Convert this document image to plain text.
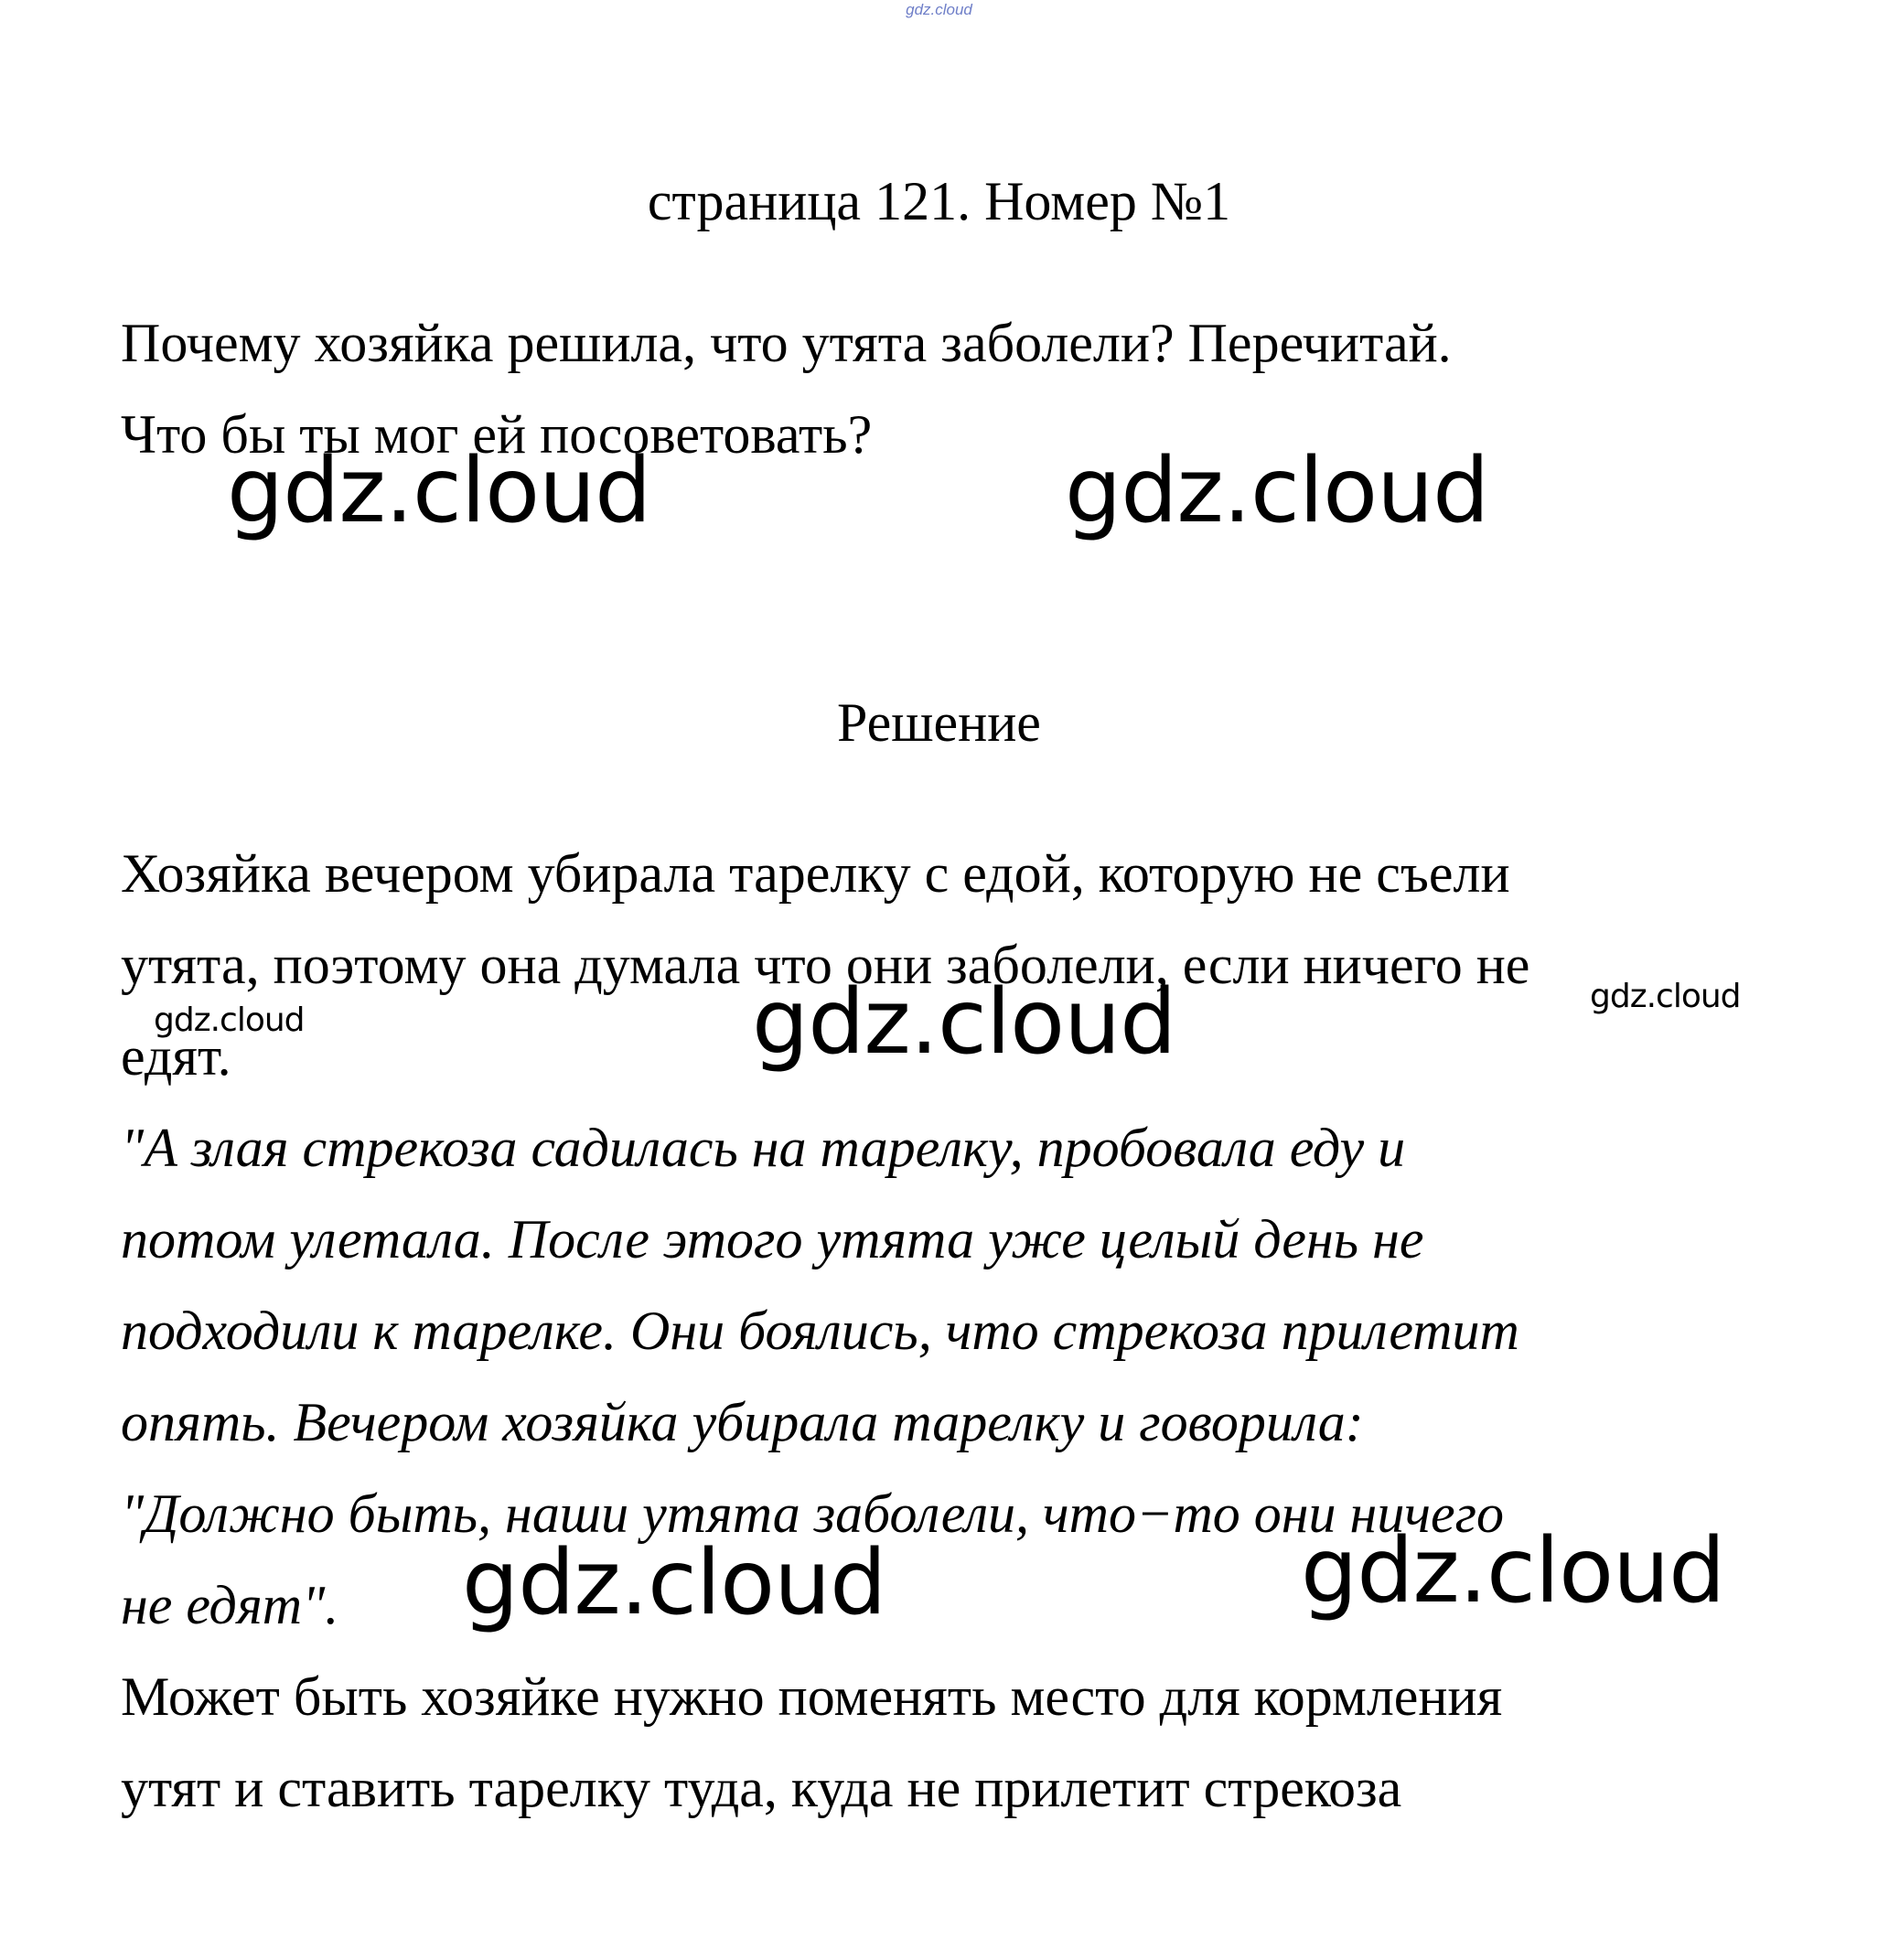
gdz.cloud
страница 121. Номер №1
Почему хозяйка решила, что утята заболели? Перечитай.
Что бы ты мог ей посоветовать?
Решение
Хозяйка вечером убирала тарелку с едой, которую не съели
утята, поэтому она думала что они заболели, если ничего не
едят.
"А злая стрекоза садилась на тарелку, пробовала еду и
потом улетала. После этого утята уже целый день не
подходили к тарелке. Они боялись, что стрекоза прилетит
опять. Вечером хозяйка убирала тарелку и говорила:
"Должно быть, наши утята заболели, что−то они ничего
не едят".
Может быть хозяйке нужно поменять место для кормления
утят и ставить тарелку туда, куда не прилетит стрекоза
gdz.cloud	gdz.cloud
gdz.cloud
gdz.cloud
gdz.cloud
gdz.cloud	gdz.cloud
